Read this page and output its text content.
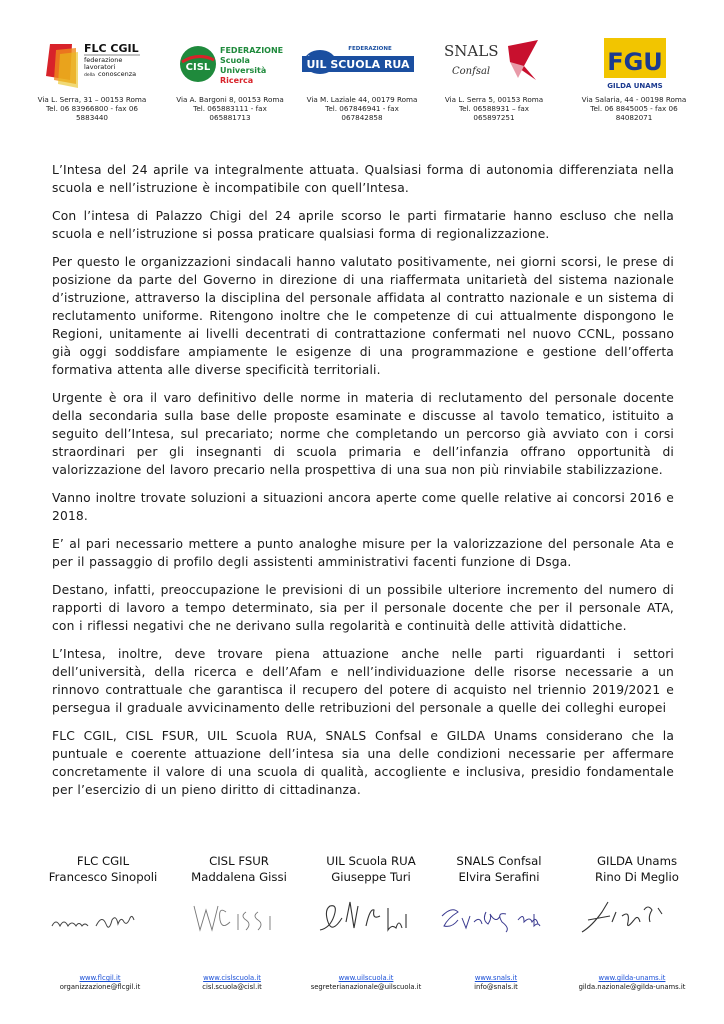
FLC CGIL
federazione
lavoratori
della conoscenza
CISL
FEDERAZIONE
Scuola
Università
Ricerca
FEDERAZIONE
UIL SCUOLA RUA
SNALS
Confsal	FGU
GILDA UNAMS
Via L. Serra, 31 – 00153 Roma
Tel. 06 83966800 - fax 06
5883440
Via A. Bargoni 8, 00153 Roma
Tel. 065883111 - fax
065881713
Via M. Laziale 44, 00179 Roma
Tel. 067846941 - fax
067842858
Via L. Serra 5, 00153 Roma
Tel. 06588931 – fax
065897251
Via Salaria, 44 - 00198 Roma
Tel. 06 8845005 - fax 06
84082071

L’Intesa del 24 aprile va integralmente attuata. Qualsiasi forma di autonomia differenziata nella scuola e nell’istruzione è incompatibile con quell’Intesa.

Con l’intesa di Palazzo Chigi del 24 aprile scorso le parti firmatarie hanno escluso che nella scuola e nell’istruzione si possa praticare qualsiasi forma di regionalizzazione.

Per questo le organizzazioni sindacali hanno valutato positivamente, nei giorni scorsi, le prese di posizione da parte del Governo in direzione di una riaffermata unitarietà del sistema nazionale d’istruzione, attraverso la disciplina del personale affidata al contratto nazionale e un sistema di reclutamento uniforme. Ritengono inoltre che le competenze di cui attualmente dispongono le Regioni, unitamente ai livelli decentrati di contrattazione confermati nel nuovo CCNL, possano già oggi soddisfare ampiamente le esigenze di una programmazione e gestione dell’offerta formativa attenta alle diverse specificità territoriali.

Urgente è ora il varo definitivo delle norme in materia di reclutamento del personale docente della secondaria sulla base delle proposte esaminate e discusse al tavolo tematico, istituito a seguito dell’Intesa, sul precariato; norme che completando un percorso già avviato con i corsi straordinari per gli insegnanti di scuola primaria e dell’infanzia offrano opportunità di valorizzazione del lavoro precario nella prospettiva di una sua non più rinviabile stabilizzazione.

Vanno inoltre trovate soluzioni a situazioni ancora aperte come quelle relative ai concorsi 2016 e 2018.

E’ al pari necessario mettere a punto analoghe misure per la valorizzazione del personale Ata e per il passaggio di profilo degli assistenti amministrativi facenti funzione di Dsga.

Destano, infatti, preoccupazione le previsioni di un possibile ulteriore incremento del numero di rapporti di lavoro a tempo determinato, sia per il personale docente che per il personale ATA, con i riflessi negativi che ne derivano sulla regolarità e continuità delle attività didattiche.

L’Intesa, inoltre, deve trovare piena attuazione anche nelle parti riguardanti i settori dell’università, della ricerca e dell’Afam e nell’individuazione delle risorse necessarie a un rinnovo contrattuale che garantisca il recupero del potere di acquisto nel triennio 2019/2021 e persegua il graduale avvicinamento delle retribuzioni del personale a quelle dei colleghi europei

FLC CGIL, CISL FSUR, UIL Scuola RUA, SNALS Confsal e GILDA Unams considerano che la puntuale e coerente attuazione dell’intesa sia una delle condizioni necessarie per affermare concretamente il valore di una scuola di qualità, accogliente e inclusiva, presidio fondamentale per l’esercizio di un pieno diritto di cittadinanza.

FLC CGIL
Francesco Sinopoli
CISL FSUR
Maddalena Gissi
UIL Scuola RUA
Giuseppe Turi
SNALS Confsal
Elvira Serafini
GILDA Unams
Rino Di Meglio
www.flcgil.it
organizzazione@flcgil.it
www.cislscuola.it
cisl.scuola@cisl.it
www.uilscuola.it
segreterianazionale@uilscuola.it
www.snals.it
info@snals.it
www.gilda-unams.it
gilda.nazionale@gilda-unams.it
